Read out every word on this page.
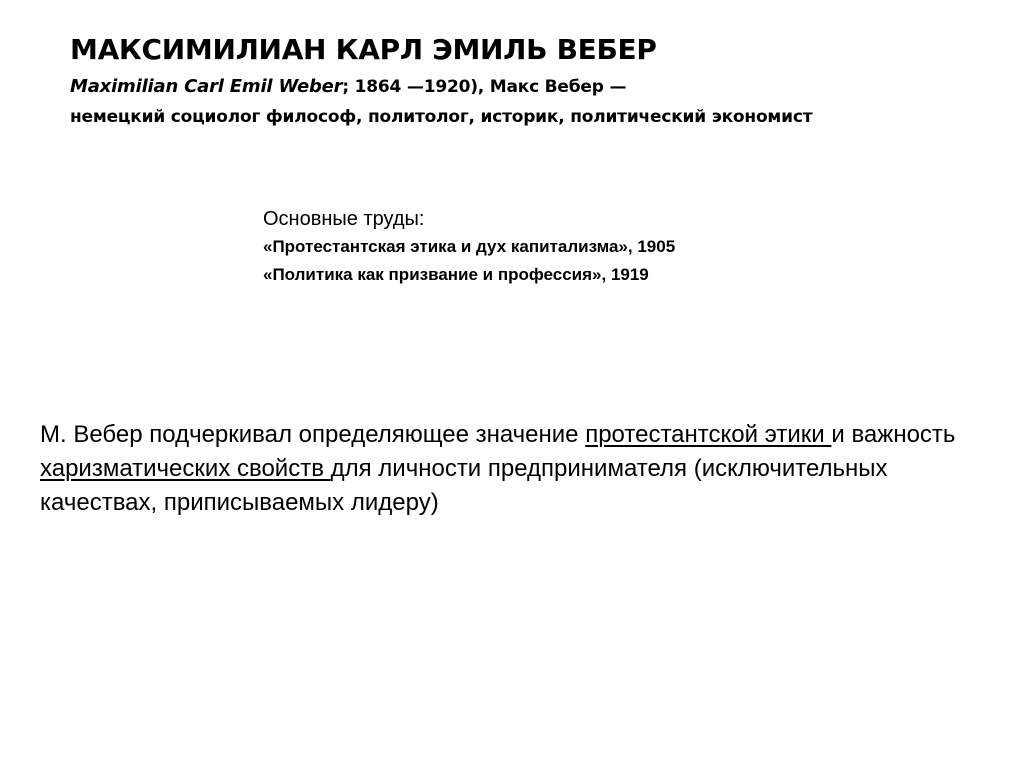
МАКСИМИЛИАН КАРЛ ЭМИЛЬ ВЕБЕР

Maximilian Carl Emil Weber; 1864 —1920), Макс Вебер —
немецкий социолог философ, политолог, историк, политический экономист

Основные труды:

«Протестантская этика и дух капитализма», 1905

«Политика как призвание и профессия», 1919

М. Вебер подчеркивал определяющее значение протестантской этики и важность харизматических свойств для личности предпринимателя (исключительных качествах, приписываемых лидеру)
